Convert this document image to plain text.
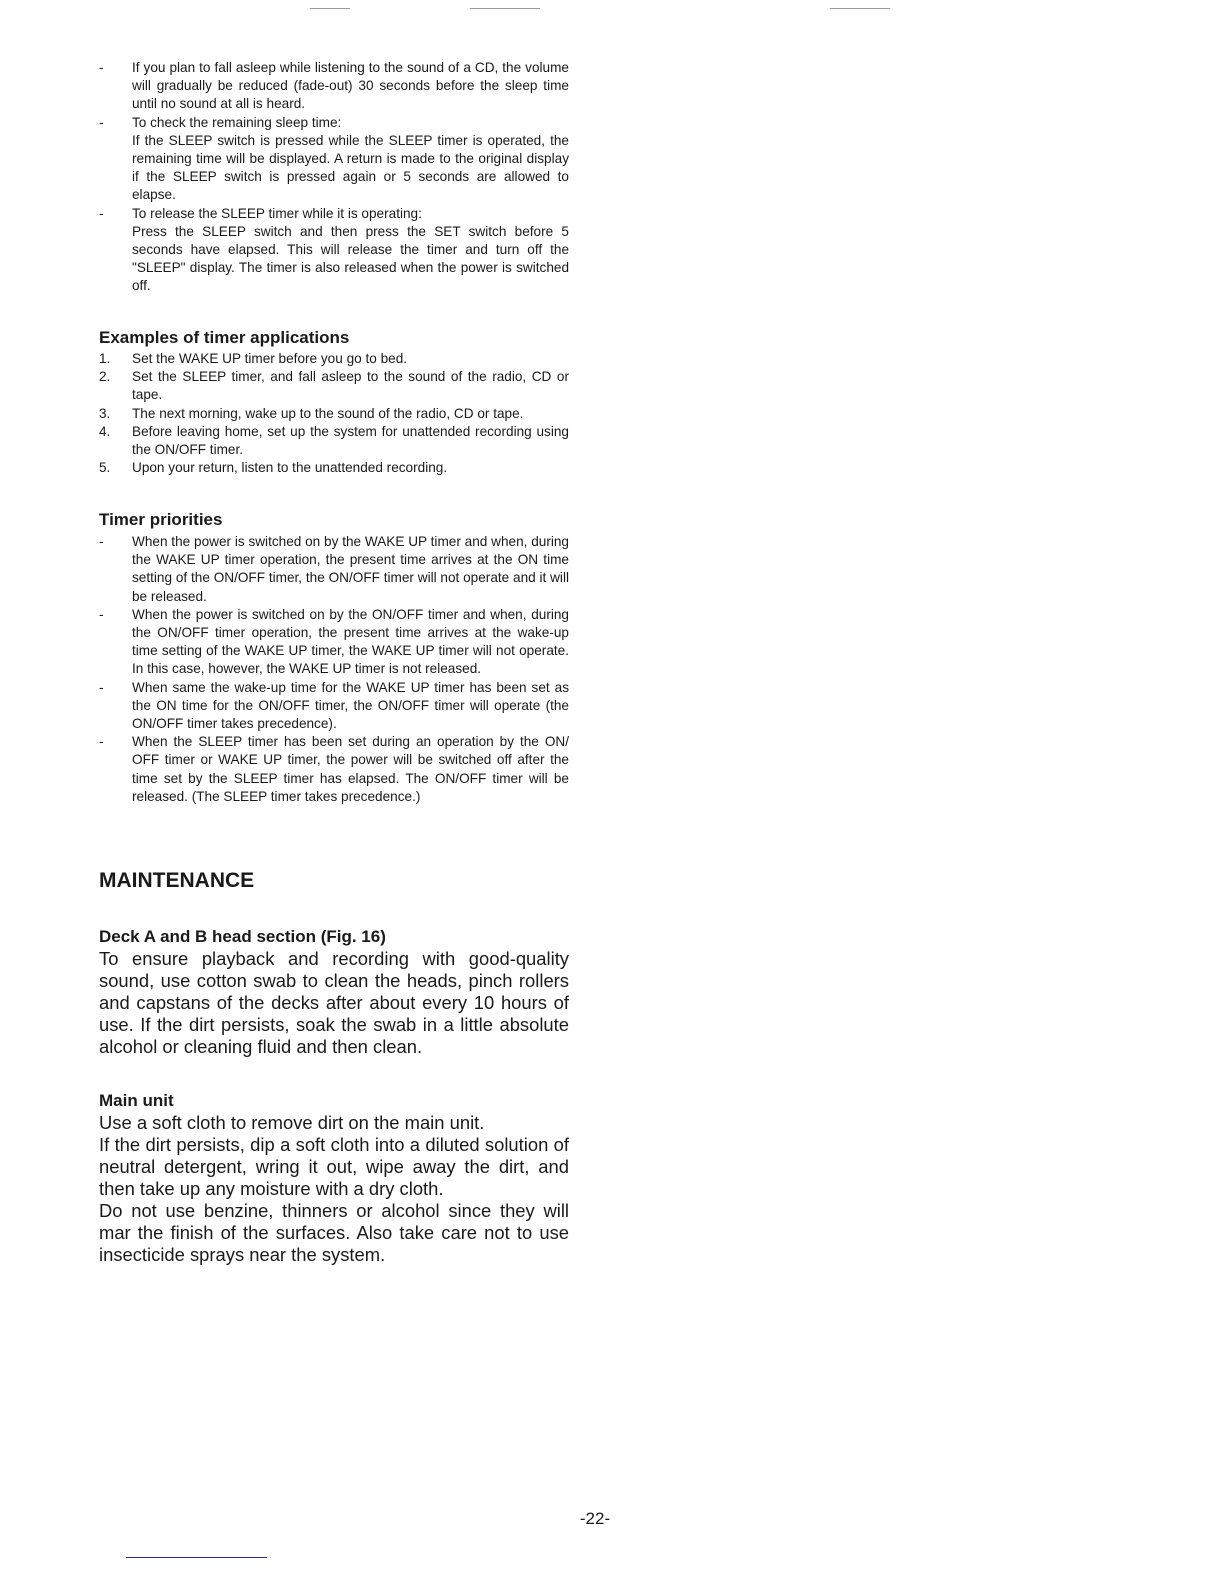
- If you plan to fall asleep while listening to the sound of a CD, the volume will gradually be reduced (fade-out) 30 seconds before the sleep time until no sound at all is heard.

- To check the remaining sleep time:

If the SLEEP switch is pressed while the SLEEP timer is operated, the remaining time will be displayed. A return is made to the original display if the SLEEP switch is pressed again or 5 seconds are allowed to elapse.

- To release the SLEEP timer while it is operating:

Press the SLEEP switch and then press the SET switch before 5 seconds have elapsed. This will release the timer and turn off the "SLEEP" display. The timer is also released when the power is switched off.

Examples of timer applications
1. Set the WAKE UP timer before you go to bed.

2. Set the SLEEP timer, and fall asleep to the sound of the radio, CD or tape.

3. The next morning, wake up to the sound of the radio, CD or tape.

4. Before leaving home, set up the system for unattended recording using the ON/OFF timer.

5. Upon your return, listen to the unattended recording.

Timer priorities
- When the power is switched on by the WAKE UP timer and when, during the WAKE UP timer operation, the present time arrives at the ON time setting of the ON/OFF timer, the ON/OFF timer will not operate and it will be released.

- When the power is switched on by the ON/OFF timer and when, during the ON/OFF timer operation, the present time arrives at the wake-up time setting of the WAKE UP timer, the WAKE UP timer will not operate. In this case, however, the WAKE UP timer is not released.

- When same the wake-up time for the WAKE UP timer has been set as the ON time for the ON/OFF timer, the ON/OFF timer will operate (the ON/OFF timer takes precedence).

- When the SLEEP timer has been set during an operation by the ON/ OFF timer or WAKE UP timer, the power will be switched off after the time set by the SLEEP timer has elapsed. The ON/OFF timer will be released. (The SLEEP timer takes precedence.)

MAINTENANCE
Deck A and B head section (Fig. 16)

To ensure playback and recording with good-quality sound, use cotton swab to clean the heads, pinch rollers and capstans of the decks after about every 10 hours of use. If the dirt persists, soak the swab in a little absolute alcohol or cleaning fluid and then clean.

Main unit

Use a soft cloth to remove dirt on the main unit.

If the dirt persists, dip a soft cloth into a diluted solution of neutral detergent, wring it out, wipe away the dirt, and then take up any moisture with a dry cloth.

Do not use benzine, thinners or alcohol since they will mar the finish of the surfaces. Also take care not to use insecticide sprays near the system.

-22-
